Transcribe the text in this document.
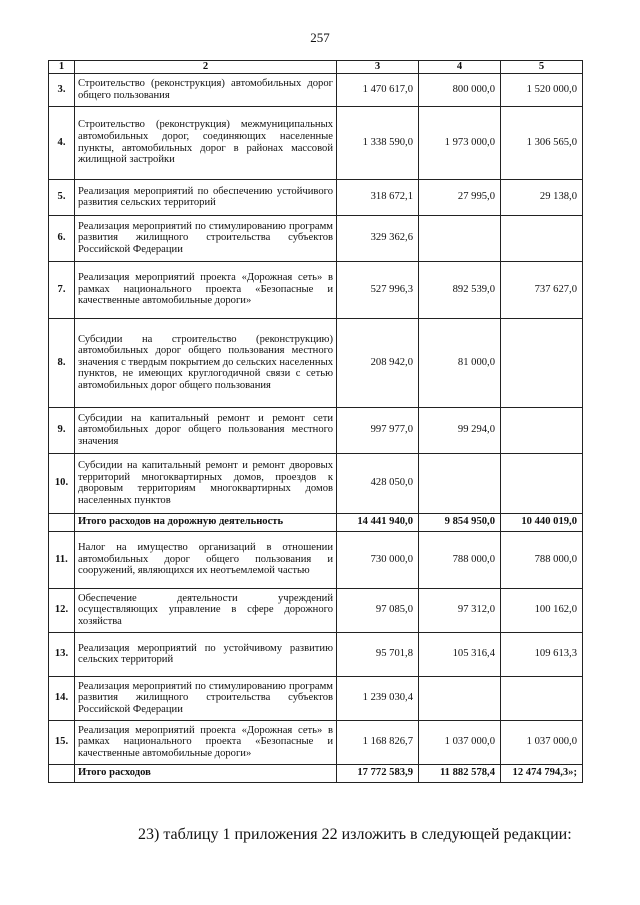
257
1	2	3	4	5
3.	Строительство (реконструкция) автомобильных дорог общего пользования	1 470 617,0	800 000,0	1 520 000,0
4.	Строительство (реконструкция) межмуниципальных автомобильных дорог, соединяющих населенные пункты, автомобильных дорог в районах массовой жилищной застройки	1 338 590,0	1 973 000,0	1 306 565,0
5.	Реализация мероприятий по обеспечению устойчивого развития сельских территорий	318 672,1	27 995,0	29 138,0
6.	Реализация мероприятий по стимулированию программ развития жилищного строительства субъектов Российской Федерации	329 362,6		
7.	Реализация мероприятий проекта «Дорожная сеть» в рамках национального проекта «Безопасные и качественные автомобильные дороги»	527 996,3	892 539,0	737 627,0
8.	Субсидии на строительство (реконструкцию) автомобильных дорог общего пользования местного значения с твердым покрытием до сельских населенных пунктов, не имеющих круглогодичной связи с сетью автомобильных дорог общего пользования	208 942,0	81 000,0	
9.	Субсидии на капитальный ремонт и ремонт сети автомобильных дорог общего пользования местного значения	997 977,0	99 294,0	
10.	Субсидии на капитальный ремонт и ремонт дворовых территорий многоквартирных домов, проездов к дворовым территориям многоквартирных домов населенных пунктов	428 050,0		
	Итого расходов на дорожную деятельность	14 441 940,0	9 854 950,0	10 440 019,0
11.	Налог на имущество организаций в отношении автомобильных дорог общего пользования и сооружений, являющихся их неотъемлемой частью	730 000,0	788 000,0	788 000,0
12.	Обеспечение деятельности учреждений осуществляющих управление в сфере дорожного хозяйства	97 085,0	97 312,0	100 162,0
13.	Реализация мероприятий по устойчивому развитию сельских территорий	95 701,8	105 316,4	109 613,3
14.	Реализация мероприятий по стимулированию программ развития жилищного строительства субъектов Российской Федерации	1 239 030,4		
15.	Реализация мероприятий проекта «Дорожная сеть» в рамках национального проекта «Безопасные и качественные автомобильные дороги»	1 168 826,7	1 037 000,0	1 037 000,0
	Итого расходов	17 772 583,9	11 882 578,4	12 474 794,3»;
23) таблицу 1 приложения 22 изложить в следующей редакции:
